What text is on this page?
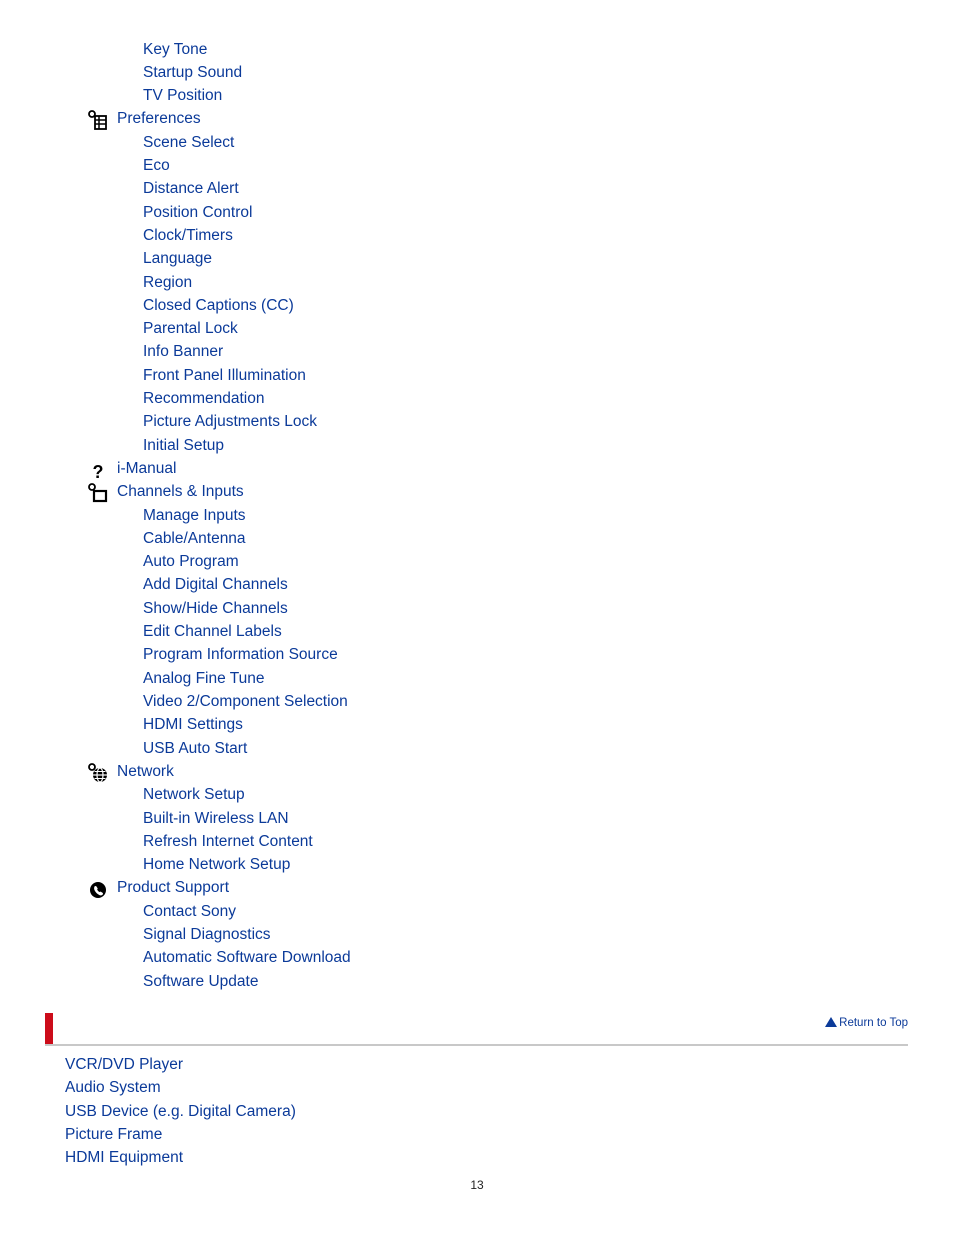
Key Tone
Startup Sound
TV Position
Preferences
Scene Select
Eco
Distance Alert
Position Control
Clock/Timers
Language
Region
Closed Captions (CC)
Parental Lock
Info Banner
Front Panel Illumination
Recommendation
Picture Adjustments Lock
Initial Setup
? i-Manual
Channels & Inputs
Manage Inputs
Cable/Antenna
Auto Program
Add Digital Channels
Show/Hide Channels
Edit Channel Labels
Program Information Source
Analog Fine Tune
Video 2/Component Selection
HDMI Settings
USB Auto Start
Network
Network Setup
Built-in Wireless LAN
Refresh Internet Content
Home Network Setup
Product Support
Contact Sony
Signal Diagnostics
Automatic Software Download
Software Update
Return to Top
VCR/DVD Player
Audio System
USB Device (e.g. Digital Camera)
Picture Frame
HDMI Equipment
13
